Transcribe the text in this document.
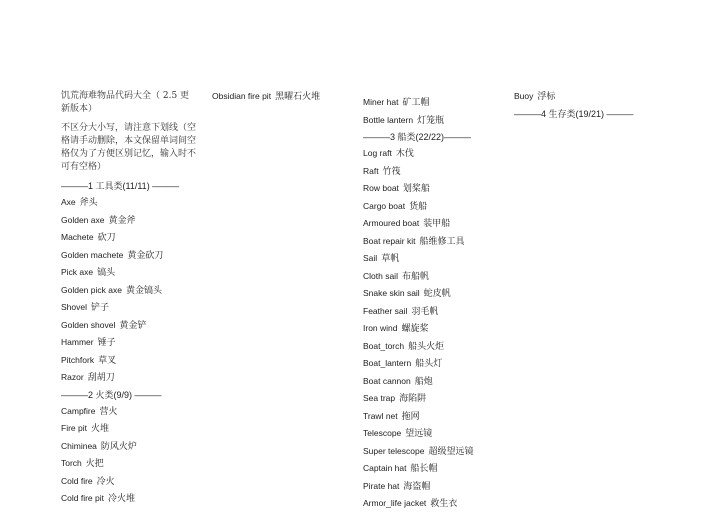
饥荒海难物品代码大全（ 2.5 更新版本）

不区分大小写，请注意下划线（空格请手动删除，本文保留单词间空格仅为了方便区别记忆，输入时不可有空格）

———1 工具类(11/11) ———
Axe 斧头
Golden axe 黄金斧
Machete 砍刀
Golden machete 黄金砍刀
Pick axe 镐头
Golden pick axe 黄金镐头
Shovel 铲子
Golden shovel 黄金铲
Hammer 锤子
Pitchfork 草叉
Razor 刮胡刀
———2 火类(9/9) ———
Campfire 营火
Fire pit 火堆
Chiminea 防风火炉
Torch 火把
Cold fire 冷火
Cold fire pit 冷火堆
Obsidian fire pit 黑曜石火堆	Miner hat 矿工帽
Bottle lantern 灯笼瓶
———3 船类(22/22)———
Log raft 木伐
Raft 竹筏
Row boat 划桨船
Cargo boat 货船
Armoured boat 装甲船
Boat repair kit 船维修工具
Sail 草帆
Cloth sail 布船帆
Snake skin sail 蛇皮帆
Feather sail 羽毛帆
Iron wind 螺旋桨
Boat_torch 船头火炬
Boat_lantern 船头灯
Boat cannon 船炮
Sea trap 海陷阱
Trawl net 拖网
Telescope 望远镜
Super telescope 超级望远镜
Captain hat 船长帽
Pirate hat 海盗帽
Armor_life jacket 救生衣
Buoy 浮标
———4 生存类(19/21) ———
